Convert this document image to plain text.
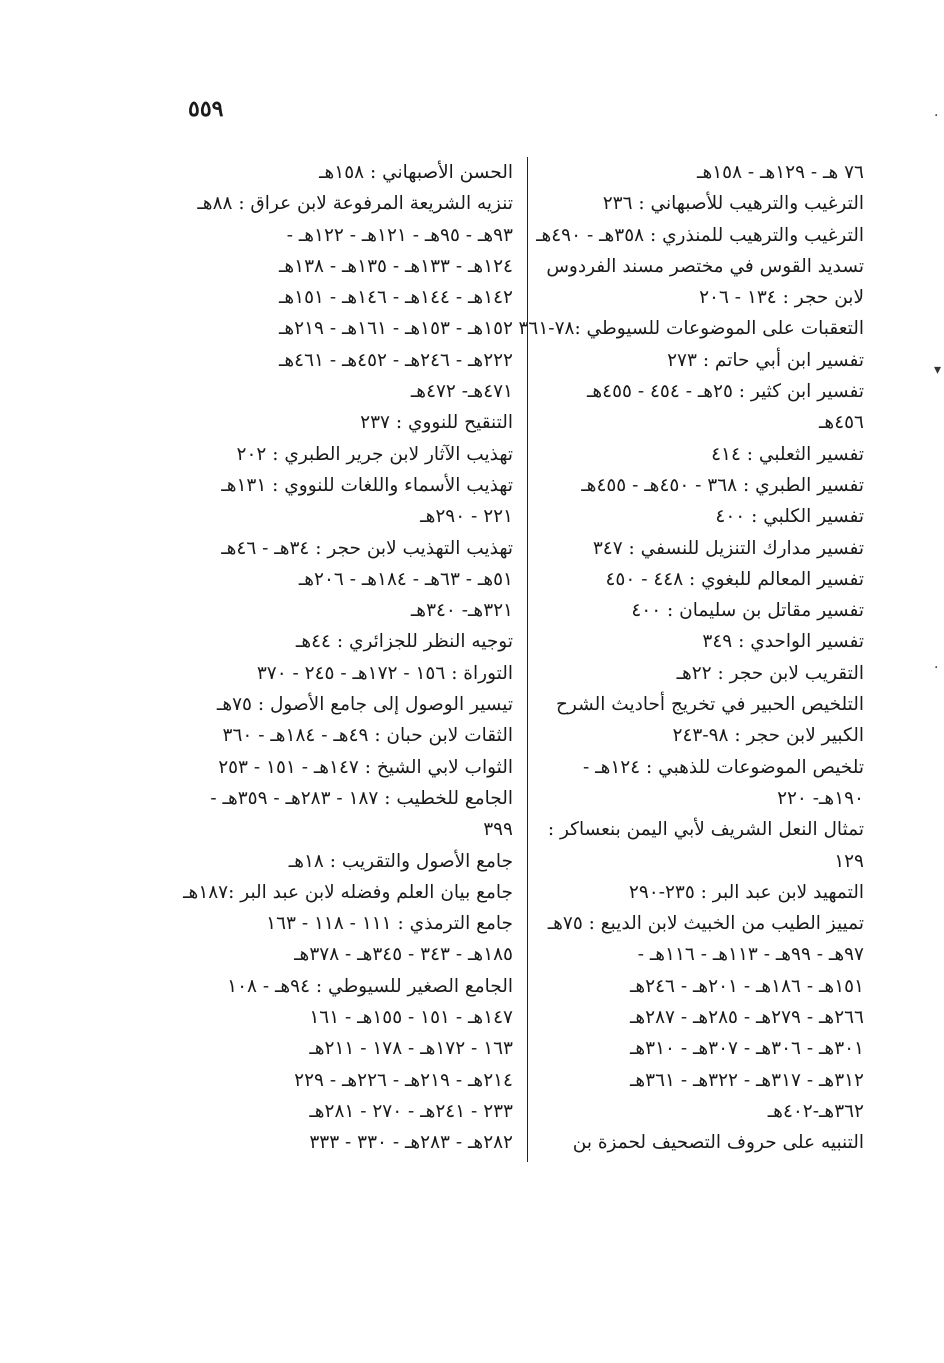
٥٥٩
٧٦ هـ - ١٢٩هـ - ١٥٨هـ
الترغيب والترهيب للأصبهاني : ٢٣٦
الترغيب والترهيب للمنذري : ٣٥٨هـ - ٤٩٠هـ
تسديد القوس في مختصر مسند الفردوس
لابن حجر : ١٣٤ - ٢٠٦
التعقبات على الموضوعات للسيوطي :٧٨-٣٦١
تفسير ابن أبي حاتم : ٢٧٣
تفسير ابن كثير : ٢٥هـ - ٤٥٤ - ٤٥٥هـ
٤٥٦هـ
تفسير الثعلبي : ٤١٤
تفسير الطبري : ٣٦٨ - ٤٥٠هـ - ٤٥٥هـ
تفسير الكلبي : ٤٠٠
تفسير مدارك التنزيل للنسفي : ٣٤٧
تفسير المعالم للبغوي : ٤٤٨ - ٤٥٠
تفسير مقاتل بن سليمان : ٤٠٠
تفسير الواحدي : ٣٤٩
التقريب لابن حجر : ٢٢هـ
التلخيص الحبير في تخريج أحاديث الشرح
الكبير لابن حجر : ٩٨-٢٤٣
تلخيص الموضوعات للذهبي : ١٢٤هـ -
١٩٠هـ- ٢٢٠
تمثال النعل الشريف لأبي اليمن بنعساكر :
١٢٩
التمهيد لابن عبد البر : ٢٣٥-٢٩٠
تمييز الطيب من الخبيث لابن الديبع : ٧٥هـ
٩٧هـ - ٩٩هـ - ١١٣هـ - ١١٦هـ -
١٥١هـ - ١٨٦هـ - ٢٠١هـ - ٢٤٦هـ
٢٦٦هـ - ٢٧٩هـ - ٢٨٥هـ - ٢٨٧هـ
٣٠١هـ - ٣٠٦هـ - ٣٠٧هـ - ٣١٠هـ
٣١٢هـ - ٣١٧هـ - ٣٢٢هـ - ٣٦١هـ
٣٦٢هـ-٤٠٢هـ
التنبيه على حروف التصحيف لحمزة بن
الحسن الأصبهاني : ١٥٨هـ
تنزيه الشريعة المرفوعة لابن عراق : ٨٨هـ
٩٣هـ - ٩٥هـ - ١٢١هـ - ١٢٢هـ -
١٢٤هـ - ١٣٣هـ - ١٣٥هـ - ١٣٨هـ
١٤٢هـ - ١٤٤هـ - ١٤٦هـ - ١٥١هـ
١٥٢هـ - ١٥٣هـ - ١٦١هـ - ٢١٩هـ
٢٢٢هـ - ٢٤٦هـ - ٤٥٢هـ - ٤٦١هـ
٤٧١هـ- ٤٧٢هـ
التنقيح للنووي : ٢٣٧
تهذيب الآثار لابن جرير الطبري : ٢٠٢
تهذيب الأسماء واللغات للنووي : ١٣١هـ
٢٢١ - ٢٩٠هـ
تهذيب التهذيب لابن حجر : ٣٤هـ - ٤٦هـ
٥١هـ - ٦٣هـ - ١٨٤هـ - ٢٠٦هـ
٣٢١هـ- ٣٤٠هـ
توجيه النظر للجزائري : ٤٤هـ
التوراة : ١٥٦ - ١٧٢هـ - ٢٤٥ - ٣٧٠
تيسير الوصول إلى جامع الأصول : ٧٥هـ
الثقات لابن حبان : ٤٩هـ - ١٨٤هـ - ٣٦٠
الثواب لابي الشيخ : ١٤٧هـ - ١٥١ - ٢٥٣
الجامع للخطيب : ١٨٧ - ٢٨٣هـ - ٣٥٩هـ -
٣٩٩
جامع الأصول والتقريب : ١٨هـ
جامع بيان العلم وفضله لابن عبد البر :١٨٧هـ
جامع الترمذي : ١١١ - ١١٨ - ١٦٣
١٨٥هـ - ٣٤٣ - ٣٤٥هـ - ٣٧٨هـ
الجامع الصغير للسيوطي : ٩٤هـ - ١٠٨
١٤٧هـ - ١٥١ - ١٥٥هـ - ١٦١
١٦٣ - ١٧٢هـ - ١٧٨ - ٢١١هـ
٢١٤هـ - ٢١٩هـ - ٢٢٦هـ - ٢٢٩
٢٣٣ - ٢٤١هـ - ٢٧٠ - ٢٨١هـ
٢٨٢هـ - ٢٨٣هـ - ٣٣٠ - ٣٣٣
·
▾
·
